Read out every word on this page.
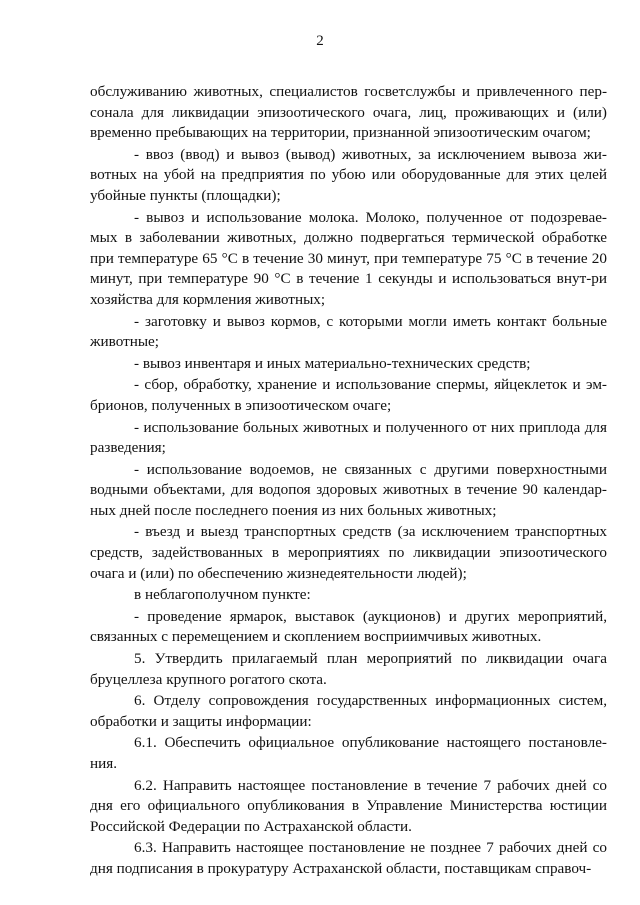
2

обслуживанию животных, специалистов госветслужбы и привлеченного пер-сонала для ликвидации эпизоотического очага, лиц, проживающих и (или) временно пребывающих на территории, признанной эпизоотическим очагом;

- ввоз (ввод) и вывоз (вывод) животных, за исключением вывоза жи-вотных на убой на предприятия по убою или оборудованные для этих целей убойные пункты (площадки);

- вывоз и использование молока. Молоко, полученное от подозревае-мых в заболевании животных, должно подвергаться термической обработке при температуре 65 °С в течение 30 минут, при температуре 75 °С в течение 20 минут, при температуре 90 °С в течение 1 секунды и использоваться внут-ри хозяйства для кормления животных;

- заготовку и вывоз кормов, с которыми могли иметь контакт больные животные;

- вывоз инвентаря и иных материально-технических средств;

- сбор, обработку, хранение и использование спермы, яйцеклеток и эм-брионов, полученных в эпизоотическом очаге;

- использование больных животных и полученного от них приплода для разведения;

- использование водоемов, не связанных с другими поверхностными водными объектами, для водопоя здоровых животных в течение 90 календар-ных дней после последнего поения из них больных животных;

- въезд и выезд транспортных средств (за исключением транспортных средств, задействованных в мероприятиях по ликвидации эпизоотического очага и (или) по обеспечению жизнедеятельности людей);

в неблагополучном пункте:

- проведение ярмарок, выставок (аукционов) и других мероприятий, связанных с перемещением и скоплением восприимчивых животных.

5. Утвердить прилагаемый план мероприятий по ликвидации очага бруцеллеза крупного рогатого скота.

6. Отделу сопровождения государственных информационных систем, обработки и защиты информации:

6.1. Обеспечить официальное опубликование настоящего постановле-ния.

6.2. Направить настоящее постановление в течение 7 рабочих дней со дня его официального опубликования в Управление Министерства юстиции Российской Федерации по Астраханской области.

6.3. Направить настоящее постановление не позднее 7 рабочих дней со дня подписания в прокуратуру Астраханской области, поставщикам справоч-
